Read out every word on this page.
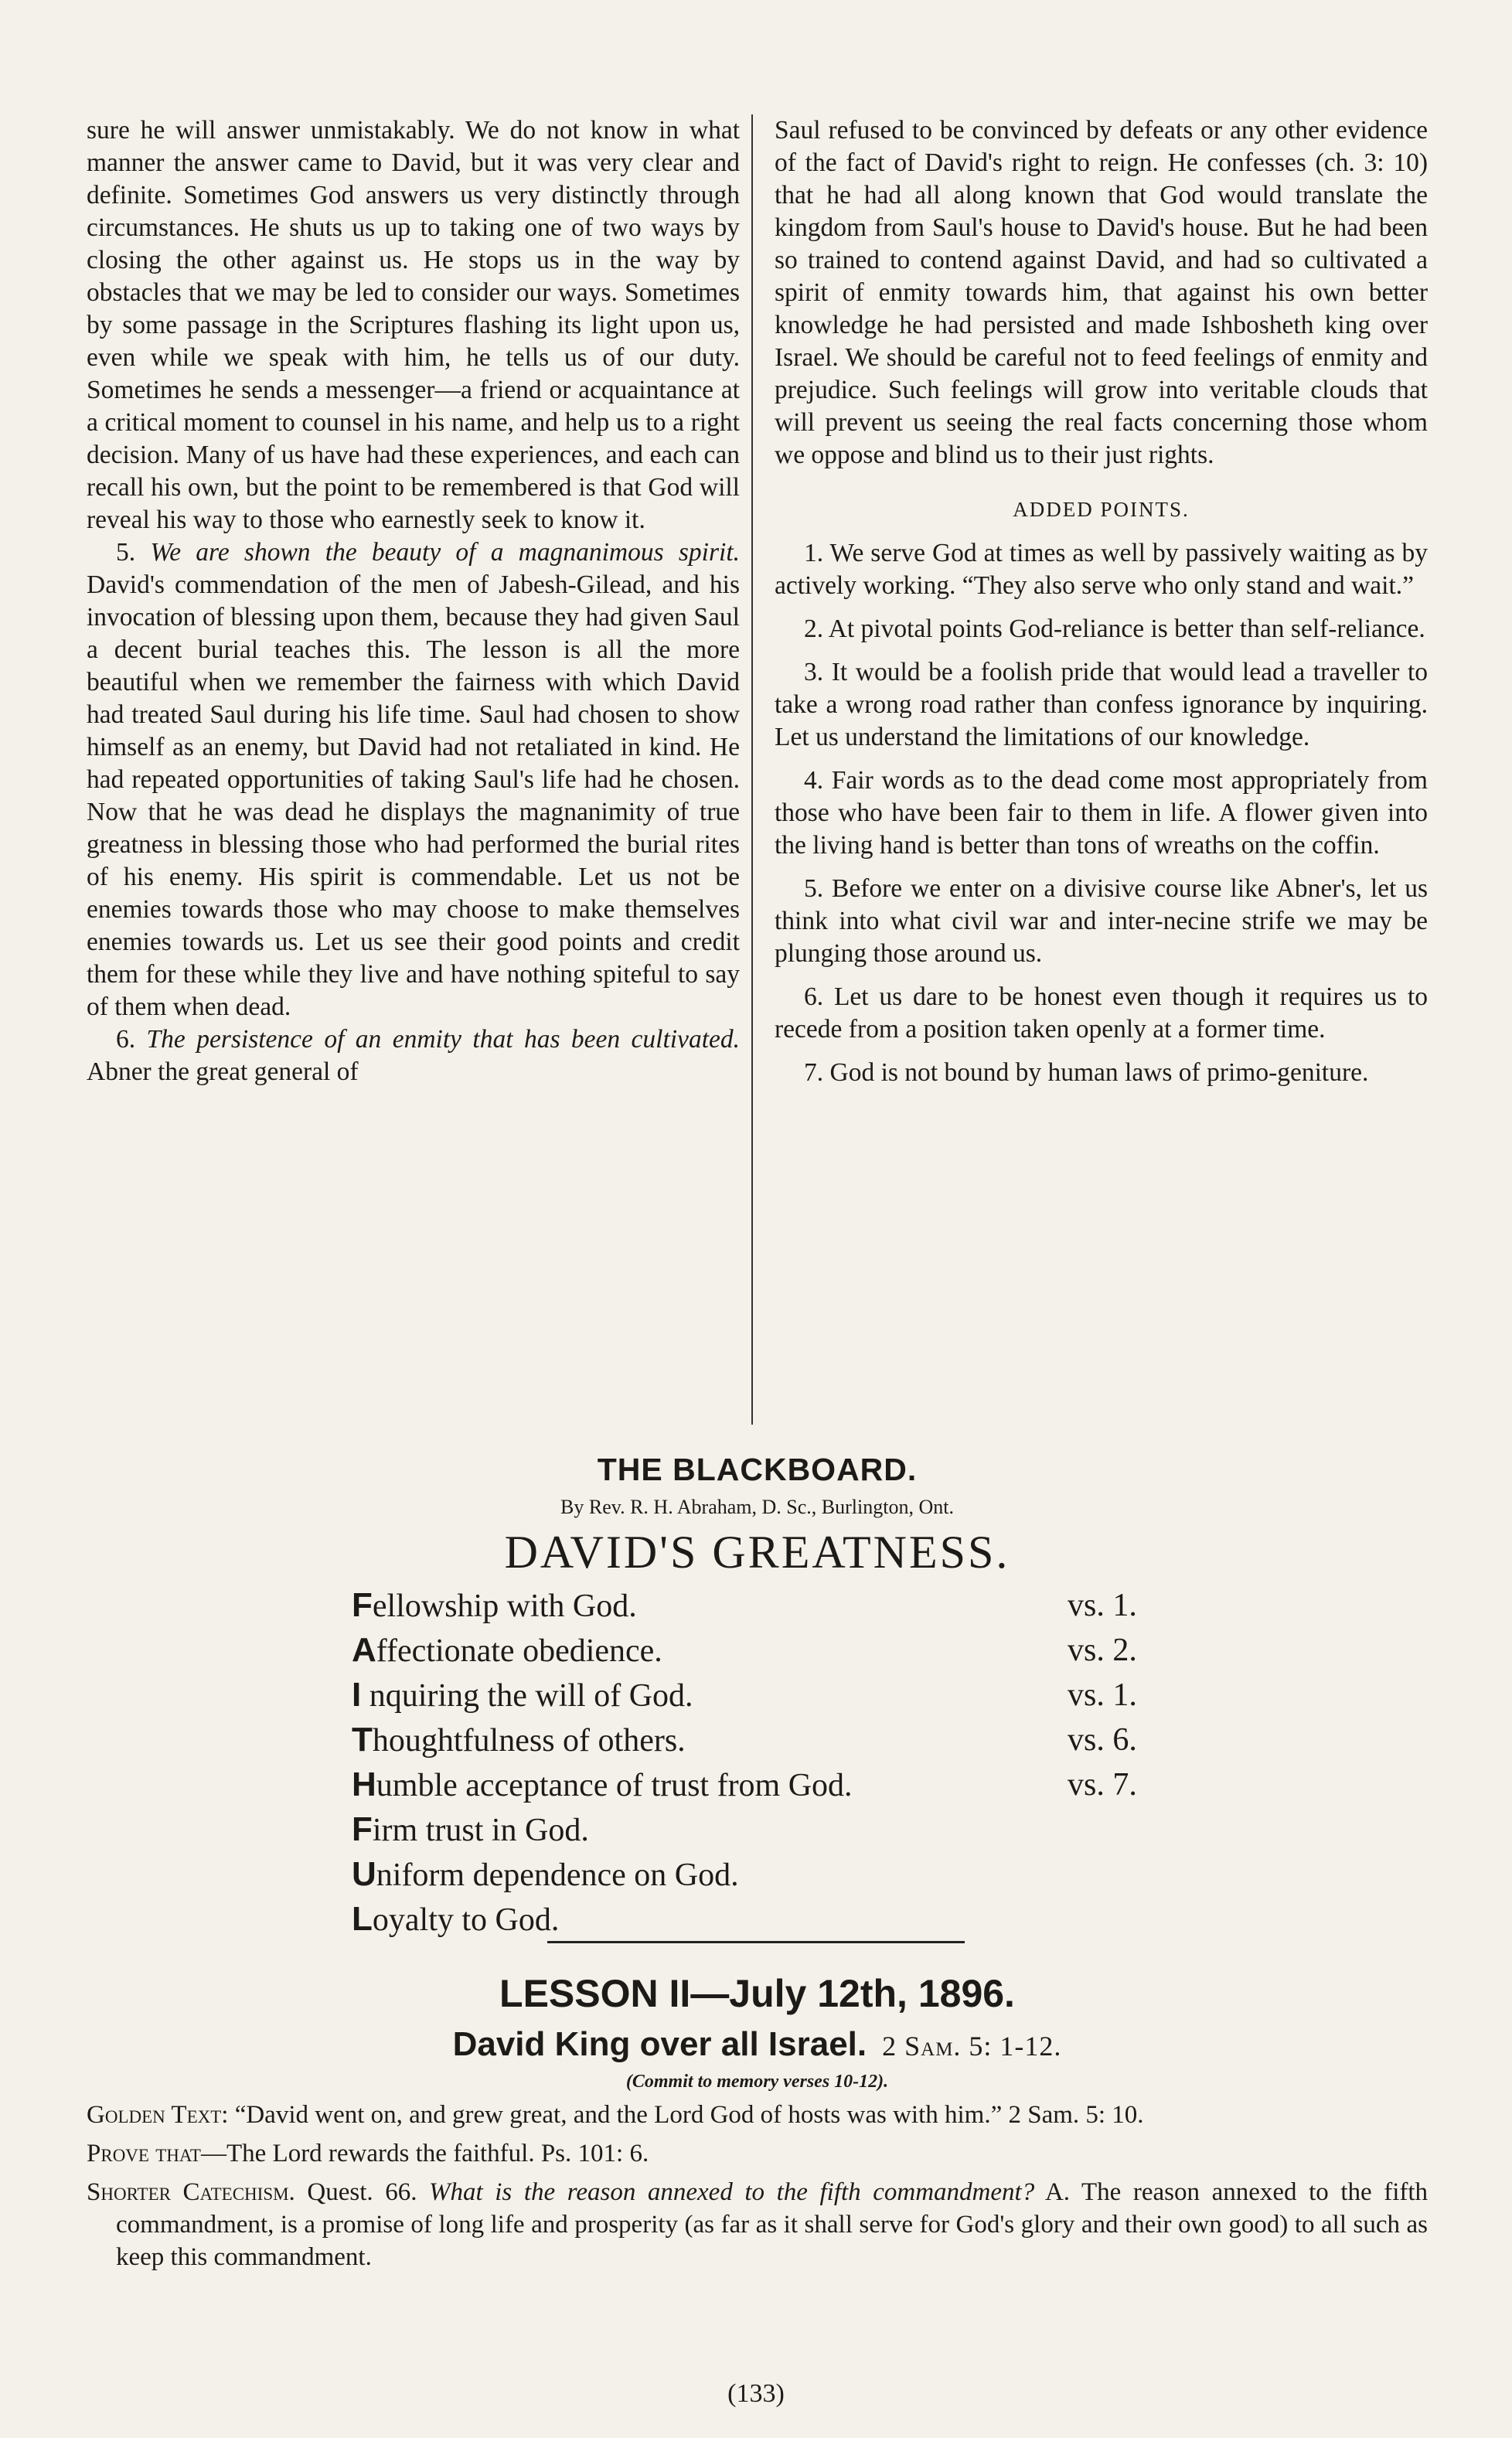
sure he will answer unmistakably. We do not know in what manner the answer came to David, but it was very clear and definite. Sometimes God answers us very distinctly through circumstances. He shuts us up to taking one of two ways by closing the other against us. He stops us in the way by obstacles that we may be led to consider our ways. Sometimes by some passage in the Scriptures flashing its light upon us, even while we speak with him, he tells us of our duty. Sometimes he sends a messenger—a friend or acquaintance at a critical moment to counsel in his name, and help us to a right decision. Many of us have had these experiences, and each can recall his own, but the point to be remembered is that God will reveal his way to those who earnestly seek to know it.

5. We are shown the beauty of a magnanimous spirit. David's commendation of the men of Jabesh-Gilead, and his invocation of blessing upon them, because they had given Saul a decent burial teaches this. The lesson is all the more beautiful when we remember the fairness with which David had treated Saul during his life time. Saul had chosen to show himself as an enemy, but David had not retaliated in kind. He had repeated opportunities of taking Saul's life had he chosen. Now that he was dead he displays the magnanimity of true greatness in blessing those who had performed the burial rites of his enemy. His spirit is commendable. Let us not be enemies towards those who may choose to make themselves enemies towards us. Let us see their good points and credit them for these while they live and have nothing spiteful to say of them when dead.

6. The persistence of an enmity that has been cultivated. Abner the great general of

Saul refused to be convinced by defeats or any other evidence of the fact of David's right to reign. He confesses (ch. 3: 10) that he had all along known that God would translate the kingdom from Saul's house to David's house. But he had been so trained to contend against David, and had so cultivated a spirit of enmity towards him, that against his own better knowledge he had persisted and made Ishbosheth king over Israel. We should be careful not to feed feelings of enmity and prejudice. Such feelings will grow into veritable clouds that will prevent us seeing the real facts concerning those whom we oppose and blind us to their just rights.

ADDED POINTS.

1. We serve God at times as well by passively waiting as by actively working. “They also serve who only stand and wait.”

2. At pivotal points God-reliance is better than self-reliance.

3. It would be a foolish pride that would lead a traveller to take a wrong road rather than confess ignorance by inquiring. Let us understand the limitations of our knowledge.

4. Fair words as to the dead come most appropriately from those who have been fair to them in life. A flower given into the living hand is better than tons of wreaths on the coffin.

5. Before we enter on a divisive course like Abner's, let us think into what civil war and inter-necine strife we may be plunging those around us.

6. Let us dare to be honest even though it requires us to recede from a position taken openly at a former time.

7. God is not bound by human laws of primo-geniture.

THE BLACKBOARD.
By Rev. R. H. Abraham, D. Sc., Burlington, Ont.
DAVID'S GREATNESS.
Fellowship with God.	vs. 1.
Affectionate obedience.	vs. 2.
I nquiring the will of God.	vs. 1.
Thoughtfulness of others.	vs. 6.
Humble acceptance of trust from God.	vs. 7.
Firm trust in God.
Uniform dependence on God.
Loyalty to God.
LESSON II—July 12th, 1896.
David King over all Israel. 2 Sam. 5: 1-12.
(Commit to memory verses 10-12).
Golden Text: “David went on, and grew great, and the Lord God of hosts was with him.” 2 Sam. 5: 10.
Prove that—The Lord rewards the faithful. Ps. 101: 6.
Shorter Catechism. Quest. 66. What is the reason annexed to the fifth commandment? A. The reason annexed to the fifth commandment, is a promise of long life and prosperity (as far as it shall serve for God's glory and their own good) to all such as keep this commandment.
(133)
